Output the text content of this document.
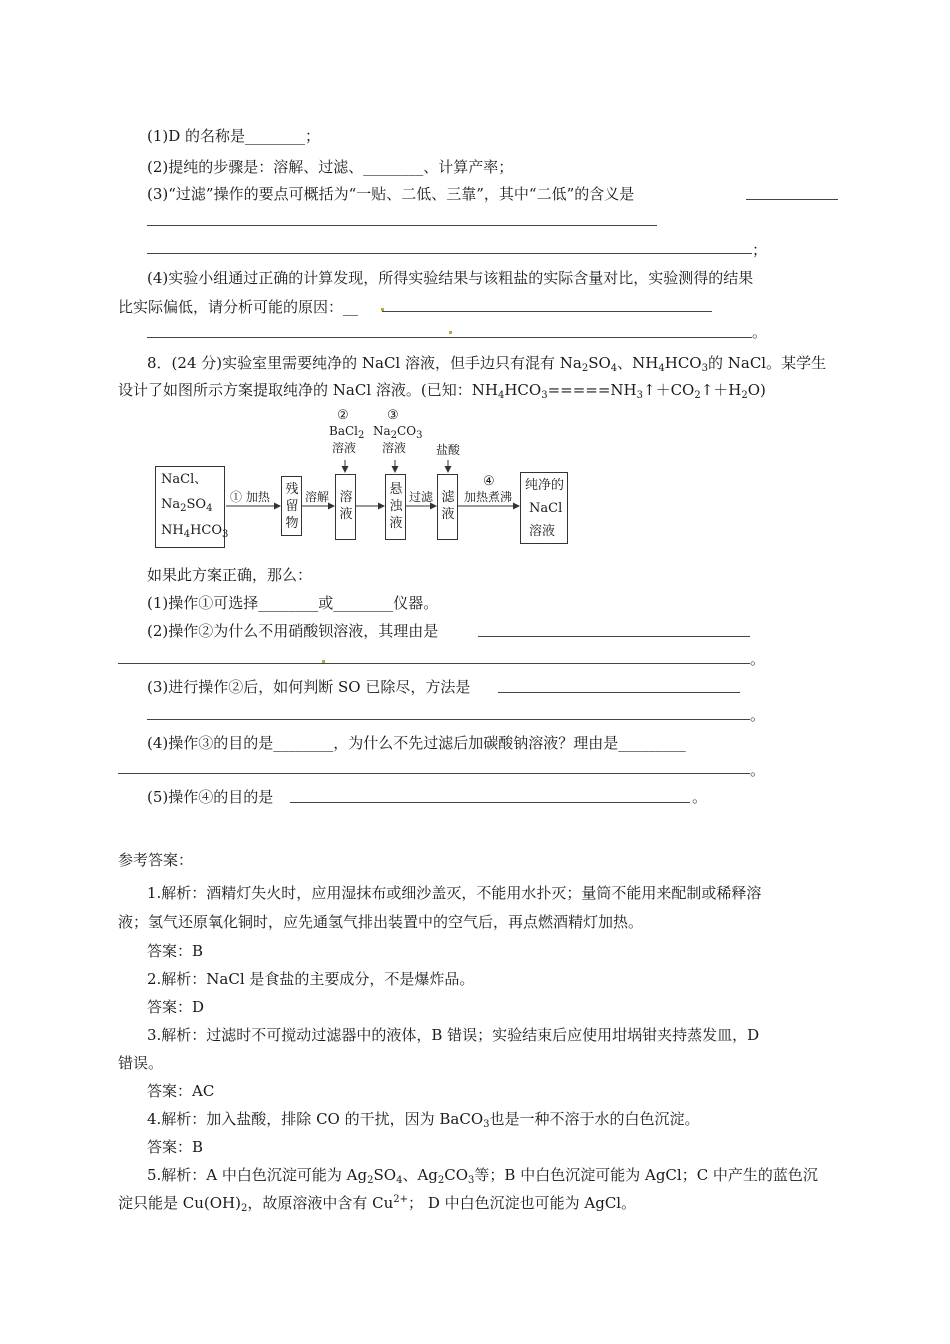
(1)D 的名称是________；
(2)提纯的步骤是：溶解、过滤、________、计算产率；
(3)“过滤”操作的要点可概括为“一贴、二低、三靠”，其中“二低”的含义是
；
(4)实验小组通过正确的计算发现，所得实验结果与该粗盐的实际含量对比，实验测得的结果
比实际偏低，请分析可能的原因：__
。
8．(24 分)实验室里需要纯净的 NaCl 溶液，但手边只有混有 $Na_2SO_4$、$NH_4HCO_3$的 NaCl。某学生
设计了如图所示方案提取纯净的 NaCl 溶液。(已知：$NH_4HCO_3=====NH_3↑+CO_2↑+H_2O$)
NaCl、
$Na_2SO_4$
$NH_4HCO_3$
① 加热 残留物
溶解 溶液
②
BaCl$_2$
溶液
悬浊液
③
$Na_2CO_3$
溶液
过滤 滤液
盐酸
④
加热煮沸
纯净的
NaCl
溶液
如果此方案正确，那么：
(1)操作①可选择________或________仪器。
(2)操作②为什么不用硝酸钡溶液，其理由是
。
(3)进行操作②后，如何判断 SO 已除尽，方法是
。
(4)操作③的目的是________，为什么不先过滤后加碳酸钠溶液？理由是_________
。
(5)操作④的目的是	。
参考答案：
1.解析：酒精灯失火时，应用湿抹布或细沙盖灭，不能用水扑灭；量筒不能用来配制或稀释溶
液；氢气还原氧化铜时，应先通氢气排出装置中的空气后，再点燃酒精灯加热。
答案：B
2.解析：NaCl 是食盐的主要成分，不是爆炸品。
答案：D
3.解析：过滤时不可搅动过滤器中的液体，B 错误；实验结束后应使用坩埚钳夹持蒸发皿，D
错误。
答案：AC
4.解析：加入盐酸，排除 CO 的干扰，因为 BaCO$_3$也是一种不溶于水的白色沉淀。
答案：B
5.解析：A 中白色沉淀可能为 $Ag_2SO_4$、$Ag_2CO_3$等；B 中白色沉淀可能为 AgCl；C 中产生的蓝色沉
淀只能是 $Cu(OH)_2$，故原溶液中含有 $Cu^{2+}$； D 中白色沉淀也可能为 AgCl。
